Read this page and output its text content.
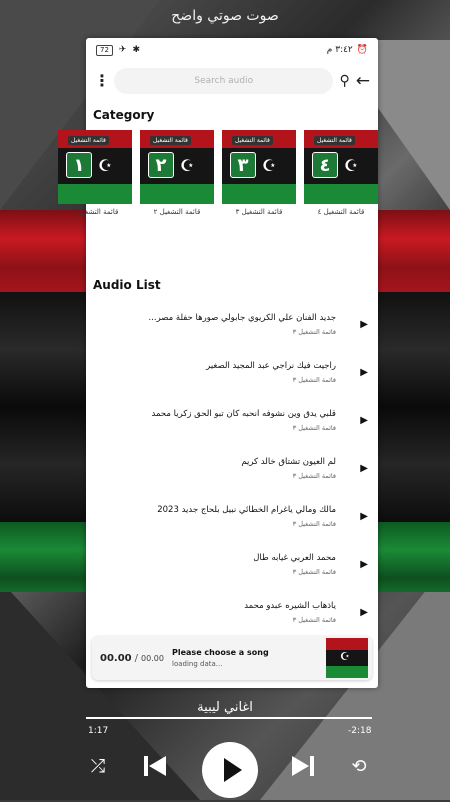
صوت صوتي واضح
72	✈ ✱	٣:٤٢ م ⏰
⋮
Search audio	⚲ ←
Category
قائمة التشغيل
٤ ☪
قائمة التشغيل ٤
قائمة التشغيل
٣ ☪
قائمة التشغيل ٣
قائمة التشغيل
٢ ☪
قائمة التشغيل ٢
قائمة التشغيل
١ ☪
قائمة التشغيل ١
Audio List
جديد الفنان علي الكريوي جابولي صورها حفلة مصر...
قائمة التشغيل ٣
▶
راجيت فيك نراجي عبد المجيد الصغير
قائمة التشغيل ٣
▶
قلبي يدق وين نشوفه انحبه كان تبو الحق زكريا محمد
قائمة التشغيل ٣
▶
لم العيون تشتاق خالد كريم
قائمة التشغيل ٣
▶
مالك ومالي ياغرام الخطائي نبيل بلحاج جديد 2023
قائمة التشغيل ٣
▶
محمد العربي غيابه طال
قائمة التشغيل ٣
▶
ياذهاب الشيره عبدو محمد
قائمة التشغيل ٣
▶
00.00 / 00.00
Please choose a song
loading data...
☪
اغاني ليبية
1:17	-2:18
⤮	⟲
